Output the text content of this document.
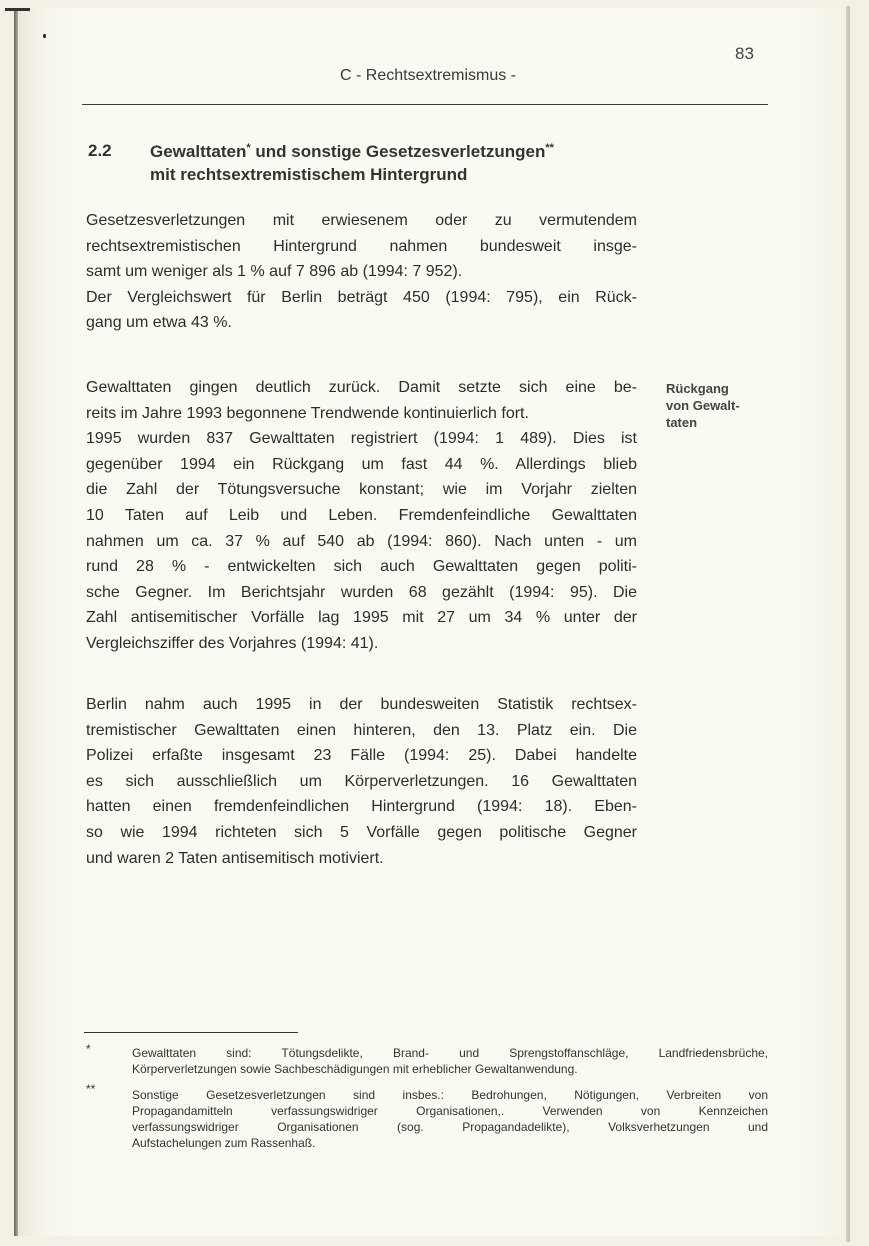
83
C - Rechtsextremismus -
2.2 Gewalttaten* und sonstige Gesetzesverletzungen**
mit rechtsextremistischem Hintergrund
Gesetzesverletzungen mit erwiesenem oder zu vermutendem
rechtsextremistischen Hintergrund nahmen bundesweit insge-
samt um weniger als 1 % auf 7 896 ab (1994: 7 952).
Der Vergleichswert für Berlin beträgt 450 (1994: 795), ein Rück-
gang um etwa 43 %.
Gewalttaten gingen deutlich zurück. Damit setzte sich eine be-
reits im Jahre 1993 begonnene Trendwende kontinuierlich fort.
1995 wurden 837 Gewalttaten registriert (1994: 1 489). Dies ist
gegenüber 1994 ein Rückgang um fast 44 %. Allerdings blieb
die Zahl der Tötungsversuche konstant; wie im Vorjahr zielten
10 Taten auf Leib und Leben. Fremdenfeindliche Gewalttaten
nahmen um ca. 37 % auf 540 ab (1994: 860). Nach unten - um
rund 28 % - entwickelten sich auch Gewalttaten gegen politi-
sche Gegner. Im Berichtsjahr wurden 68 gezählt (1994: 95). Die
Zahl antisemitischer Vorfälle lag 1995 mit 27 um 34 % unter der
Vergleichsziffer des Vorjahres (1994: 41).
Rückgang
von Gewalt-
taten
Berlin nahm auch 1995 in der bundesweiten Statistik rechtsex-
tremistischer Gewalttaten einen hinteren, den 13. Platz ein. Die
Polizei erfaßte insgesamt 23 Fälle (1994: 25). Dabei handelte
es sich ausschließlich um Körperverletzungen. 16 Gewalttaten
hatten einen fremdenfeindlichen Hintergrund (1994: 18). Eben-
so wie 1994 richteten sich 5 Vorfälle gegen politische Gegner
und waren 2 Taten antisemitisch motiviert.
*	Gewalttaten sind: Tötungsdelikte, Brand- und Sprengstoffanschläge, Landfriedensbrüche,
Körperverletzungen sowie Sachbeschädigungen mit erheblicher Gewaltanwendung.
**	Sonstige Gesetzesverletzungen sind insbes.: Bedrohungen, Nötigungen, Verbreiten von
Propagandamitteln verfassungswidriger Organisationen,. Verwenden von Kennzeichen
verfassungswidriger Organisationen (sog. Propagandadelikte), Volksverhetzungen und
Aufstachelungen zum Rassenhaß.
